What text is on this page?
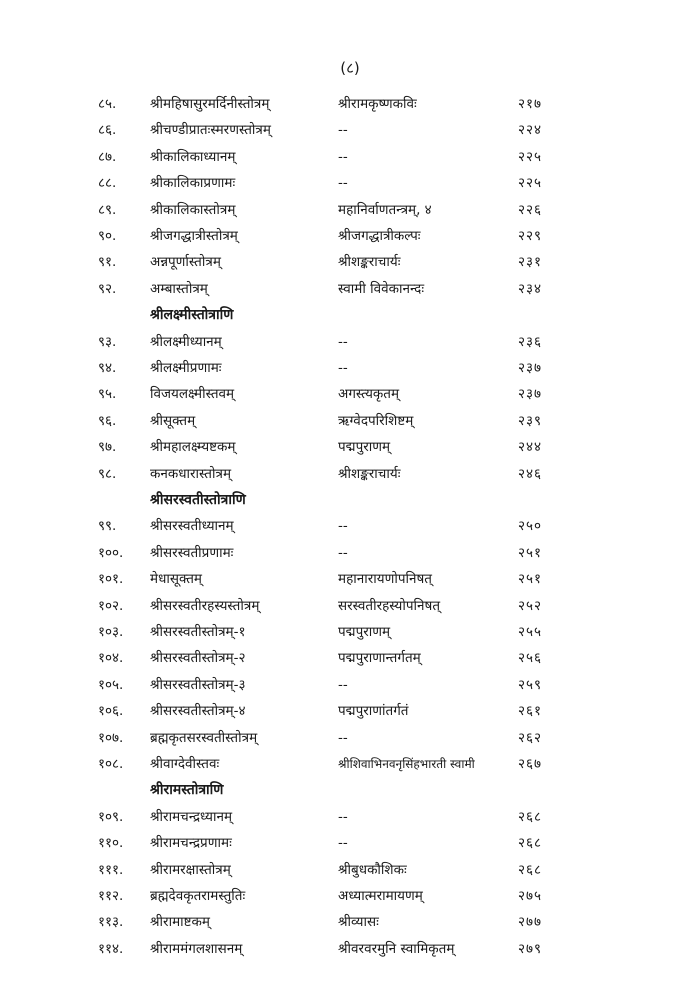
(८)
८५. श्रीमहिषासुरमर्दिनीस्तोत्रम्	श्रीरामकृष्णकविः	२१७
८६. श्रीचण्डीप्रातःस्मरणस्तोत्रम्	--	२२४
८७. श्रीकालिकाध्यानम्	--	२२५
८८. श्रीकालिकाप्रणामः	--	२२५
८९. श्रीकालिकास्तोत्रम्	महानिर्वाणतन्त्रम्, ४	२२६
९०. श्रीजगद्धात्रीस्तोत्रम्	श्रीजगद्धात्रीकल्पः	२२९
९१. अन्नपूर्णास्तोत्रम्	श्रीशङ्कराचार्यः	२३१
९२. अम्बास्तोत्रम्	स्वामी विवेकानन्दः	२३४
श्रीलक्ष्मीस्तोत्राणि
९३. श्रीलक्ष्मीध्यानम्	--	२३६
९४. श्रीलक्ष्मीप्रणामः	--	२३७
९५. विजयलक्ष्मीस्तवम्	अगस्त्यकृतम्	२३७
९६. श्रीसूक्तम्	ऋग्वेदपरिशिष्टम्	२३९
९७. श्रीमहालक्ष्म्यष्टकम्	पद्मपुराणम्	२४४
९८. कनकधारास्तोत्रम्	श्रीशङ्कराचार्यः	२४६
श्रीसरस्वतीस्तोत्राणि
९९. श्रीसरस्वतीध्यानम्	--	२५०
१००. श्रीसरस्वतीप्रणामः	--	२५१
१०१. मेधासूक्तम्	महानारायणोपनिषत्	२५१
१०२. श्रीसरस्वतीरहस्यस्तोत्रम्	सरस्वतीरहस्योपनिषत्	२५२
१०३. श्रीसरस्वतीस्तोत्रम्-१	पद्मपुराणम्	२५५
१०४. श्रीसरस्वतीस्तोत्रम्-२	पद्मपुराणान्तर्गतम्	२५६
१०५. श्रीसरस्वतीस्तोत्रम्-३	--	२५९
१०६. श्रीसरस्वतीस्तोत्रम्-४	पद्मपुराणांतर्गतं	२६१
१०७. ब्रह्मकृतसरस्वतीस्तोत्रम्	--	२६२
१०८. श्रीवाग्देवीस्तवः	श्रीशिवाभिनवनृसिंहभारती स्वामी	२६७
श्रीरामस्तोत्राणि
१०९. श्रीरामचन्द्रध्यानम्	--	२६८
११०. श्रीरामचन्द्रप्रणामः	--	२६८
१११. श्रीरामरक्षास्तोत्रम्	श्रीबुधकौशिकः	२६८
११२. ब्रह्मदेवकृतरामस्तुतिः	अध्यात्मरामायणम्	२७५
११३. श्रीरामाष्टकम्	श्रीव्यासः	२७७
११४. श्रीराममंगलशासनम्	श्रीवरवरमुनि स्वामिकृतम्	२७९
